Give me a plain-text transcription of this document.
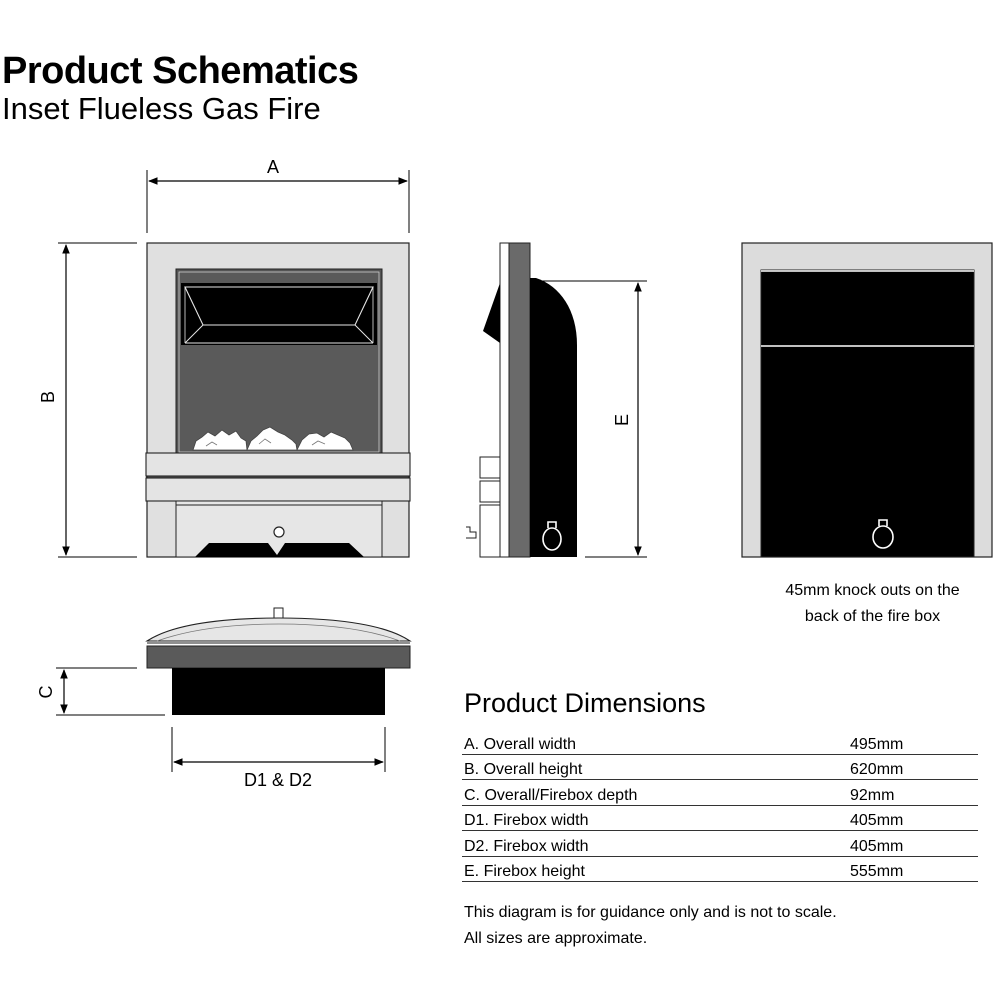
Product Schematics
Inset Flueless Gas Fire
A
B
E
C
D1 & D2
45mm knock outs on the
back of the fire box
Product Dimensions
A. Overall width	495mm
B. Overall height	620mm
C. Overall/Firebox depth	92mm
D1. Firebox width	405mm
D2. Firebox width	405mm
E. Firebox height	555mm
This diagram is for guidance only and is not to scale.
All sizes are approximate.
